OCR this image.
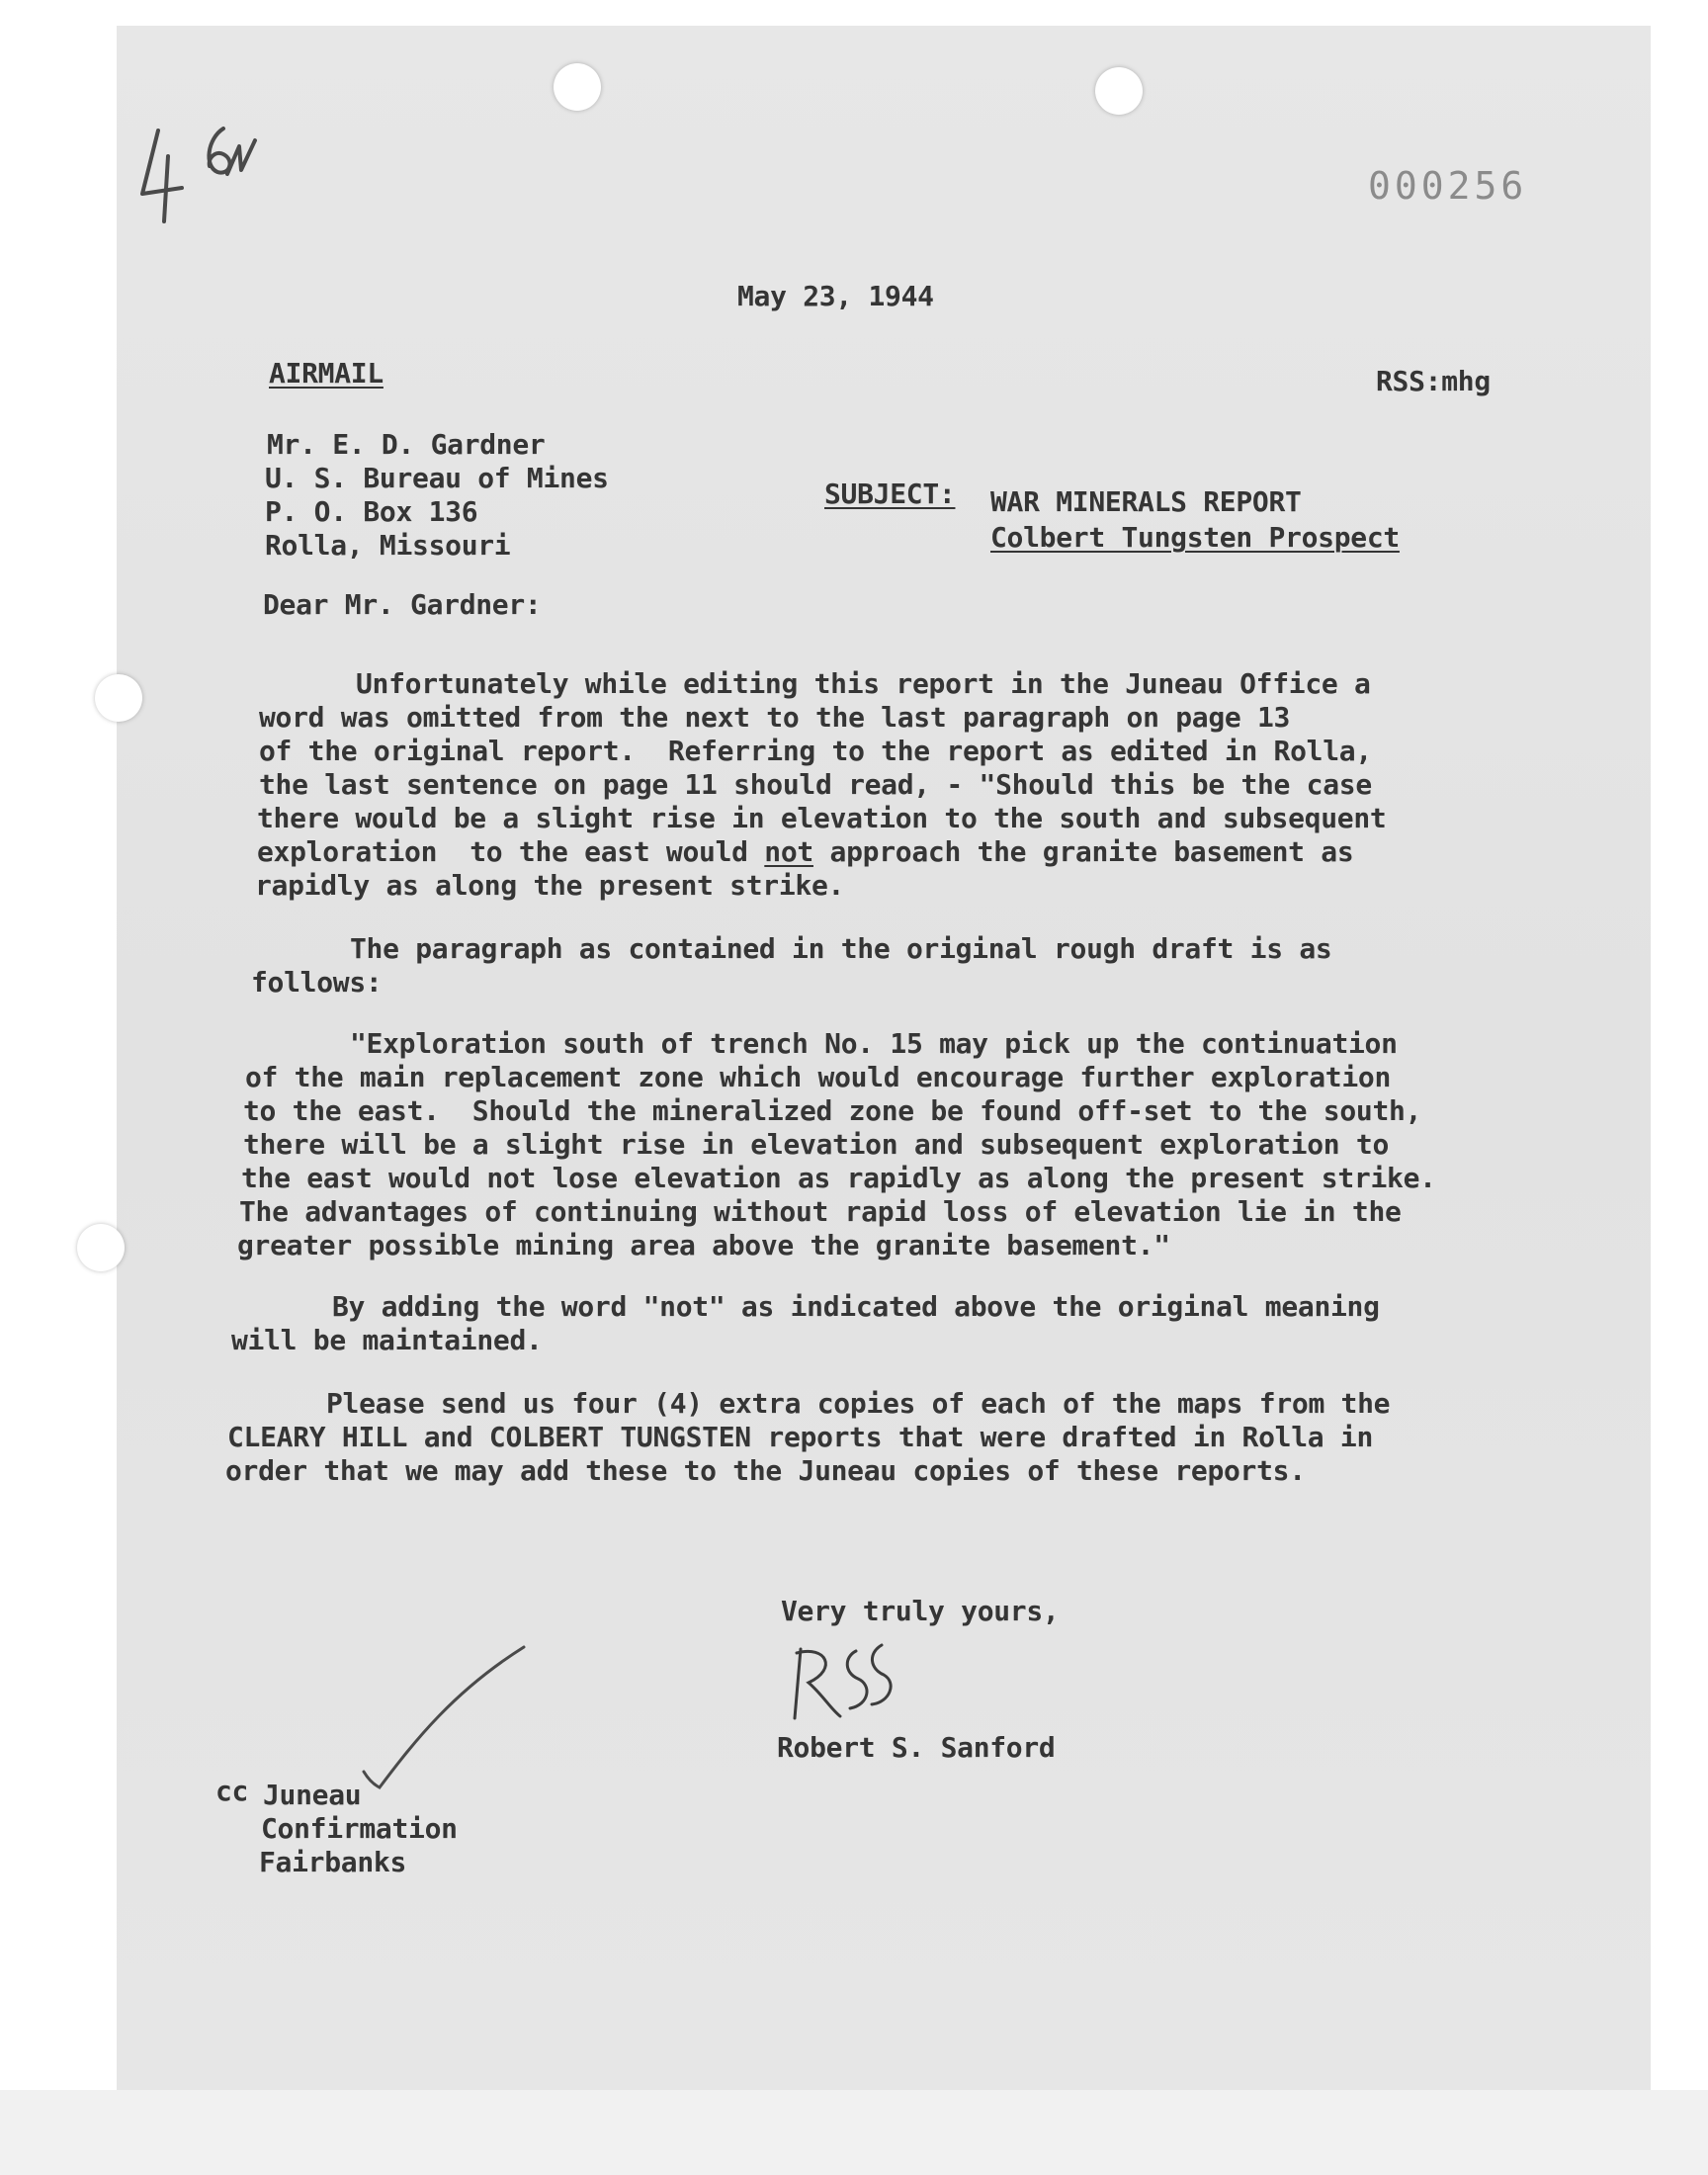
000256

May 23, 1944

AIRMAIL	RSS:mhg

Mr. E. D. Gardner

U. S. Bureau of Mines

P. O. Box 136

Rolla, Missouri

SUBJECT: WAR MINERALS REPORT

Colbert Tungsten Prospect

Dear Mr. Gardner:

Unfortunately while editing this report in the Juneau Office a

word was omitted from the next to the last paragraph on page 13

of the original report.  Referring to the report as edited in Rolla,

the last sentence on page 11 should read, - "Should this be the case

there would be a slight rise in elevation to the south and subsequent

exploration  to the east would not approach the granite basement as

rapidly as along the present strike.

The paragraph as contained in the original rough draft is as

follows:

"Exploration south of trench No. 15 may pick up the continuation

of the main replacement zone which would encourage further exploration

to the east.  Should the mineralized zone be found off-set to the south,

there will be a slight rise in elevation and subsequent exploration to

the east would not lose elevation as rapidly as along the present strike.

The advantages of continuing without rapid loss of elevation lie in the

greater possible mining area above the granite basement."

By adding the word "not" as indicated above the original meaning

will be maintained.

Please send us four (4) extra copies of each of the maps from the

CLEARY HILL and COLBERT TUNGSTEN reports that were drafted in Rolla in

order that we may add these to the Juneau copies of these reports.

Very truly yours,

Robert S. Sanford

cc Juneau

Confirmation

Fairbanks
